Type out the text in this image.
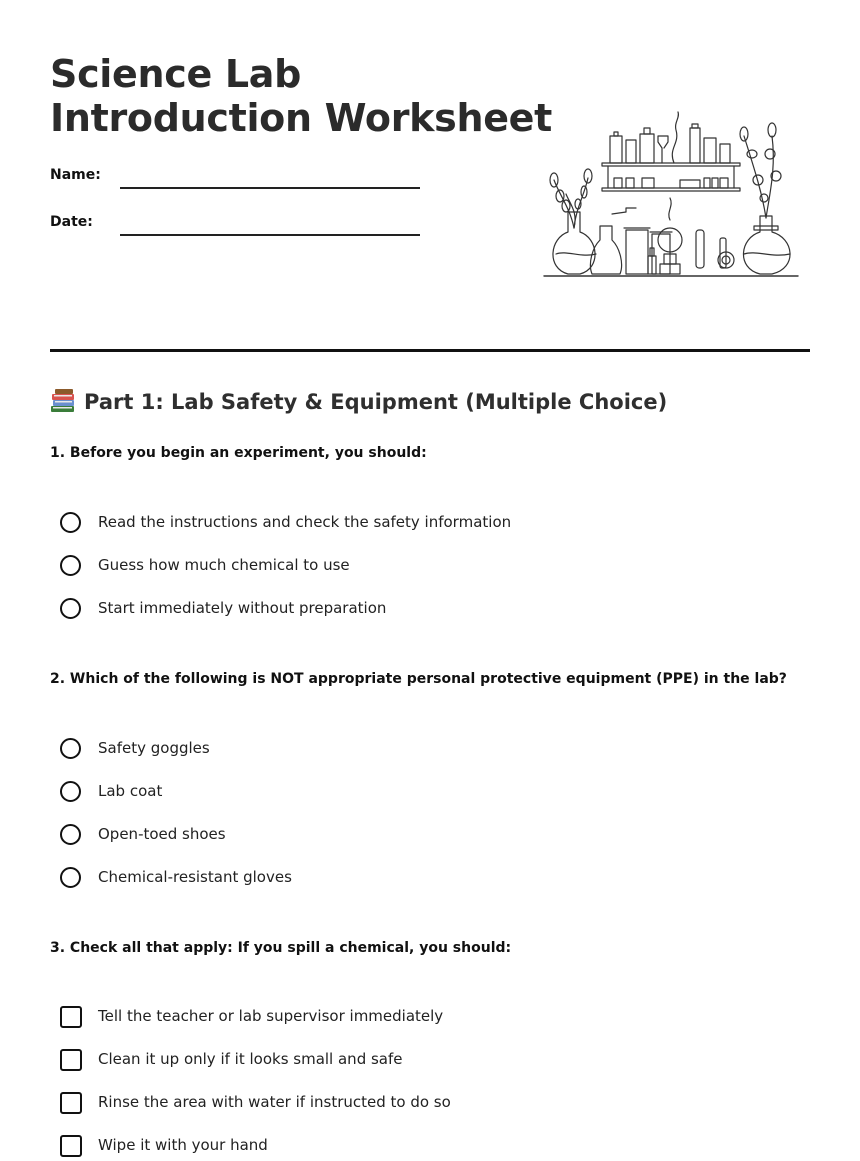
Science Lab
Introduction Worksheet
Name:
Date:
Part 1: Lab Safety & Equipment (Multiple Choice)

1. Before you begin an experiment, you should:

Read the instructions and check the safety information
Guess how much chemical to use
Start immediately without preparation

2. Which of the following is NOT appropriate personal protective equipment (PPE) in the lab?

Safety goggles
Lab coat
Open-toed shoes
Chemical-resistant gloves

3. Check all that apply: If you spill a chemical, you should:

Tell the teacher or lab supervisor immediately
Clean it up only if it looks small and safe
Rinse the area with water if instructed to do so
Wipe it with your hand
